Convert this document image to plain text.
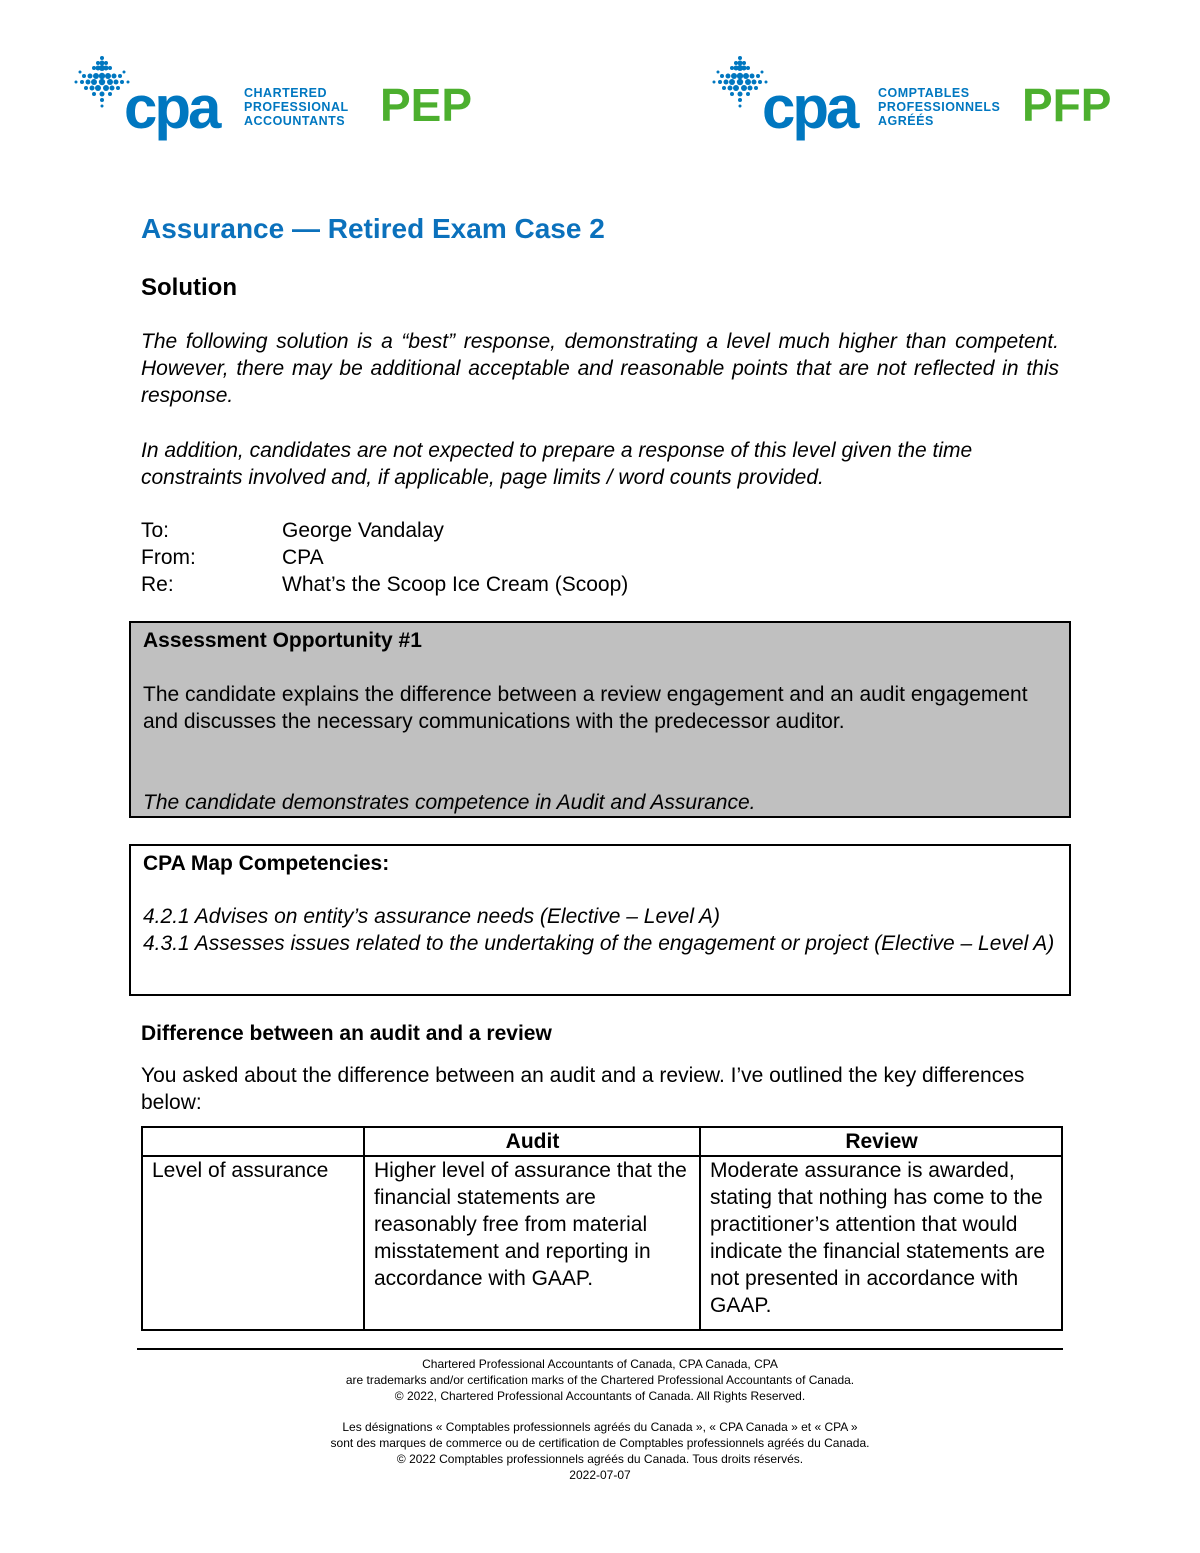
cpa CHARTERED
PROFESSIONAL
ACCOUNTANTS PEP	cpa COMPTABLES
PROFESSIONNELS
AGRÉÉS	PFP
Assurance — Retired Exam Case 2
Solution
The following solution is a “best” response, demonstrating a level much higher than competent. However, there may be additional acceptable and reasonable points that are not reflected in this response.
In addition, candidates are not expected to prepare a response of this level given the time constraints involved and, if applicable, page limits / word counts provided.
To:	George Vandalay
From:	CPA
Re:	What’s the Scoop Ice Cream (Scoop)
Assessment Opportunity #1
The candidate explains the difference between a review engagement and an audit engagement and discusses the necessary communications with the predecessor auditor.
The candidate demonstrates competence in Audit and Assurance.
CPA Map Competencies:
4.2.1 Advises on entity’s assurance needs (Elective – Level A)
4.3.1 Assesses issues related to the undertaking of the engagement or project (Elective – Level A)
Difference between an audit and a review
You asked about the difference between an audit and a review. I’ve outlined the key differences below:
	Audit	Review
Level of assurance	Higher level of assurance that the financial statements are reasonably free from material misstatement and reporting in accordance with GAAP.	Moderate assurance is awarded, stating that nothing has come to the practitioner’s attention that would indicate the financial statements are not presented in accordance with GAAP.

Chartered Professional Accountants of Canada, CPA Canada, CPA

are trademarks and/or certification marks of the Chartered Professional Accountants of Canada.

© 2022, Chartered Professional Accountants of Canada. All Rights Reserved.

Les désignations « Comptables professionnels agréés du Canada », « CPA Canada » et « CPA »

sont des marques de commerce ou de certification de Comptables professionnels agréés du Canada.

© 2022 Comptables professionnels agréés du Canada. Tous droits réservés.

2022-07-07
